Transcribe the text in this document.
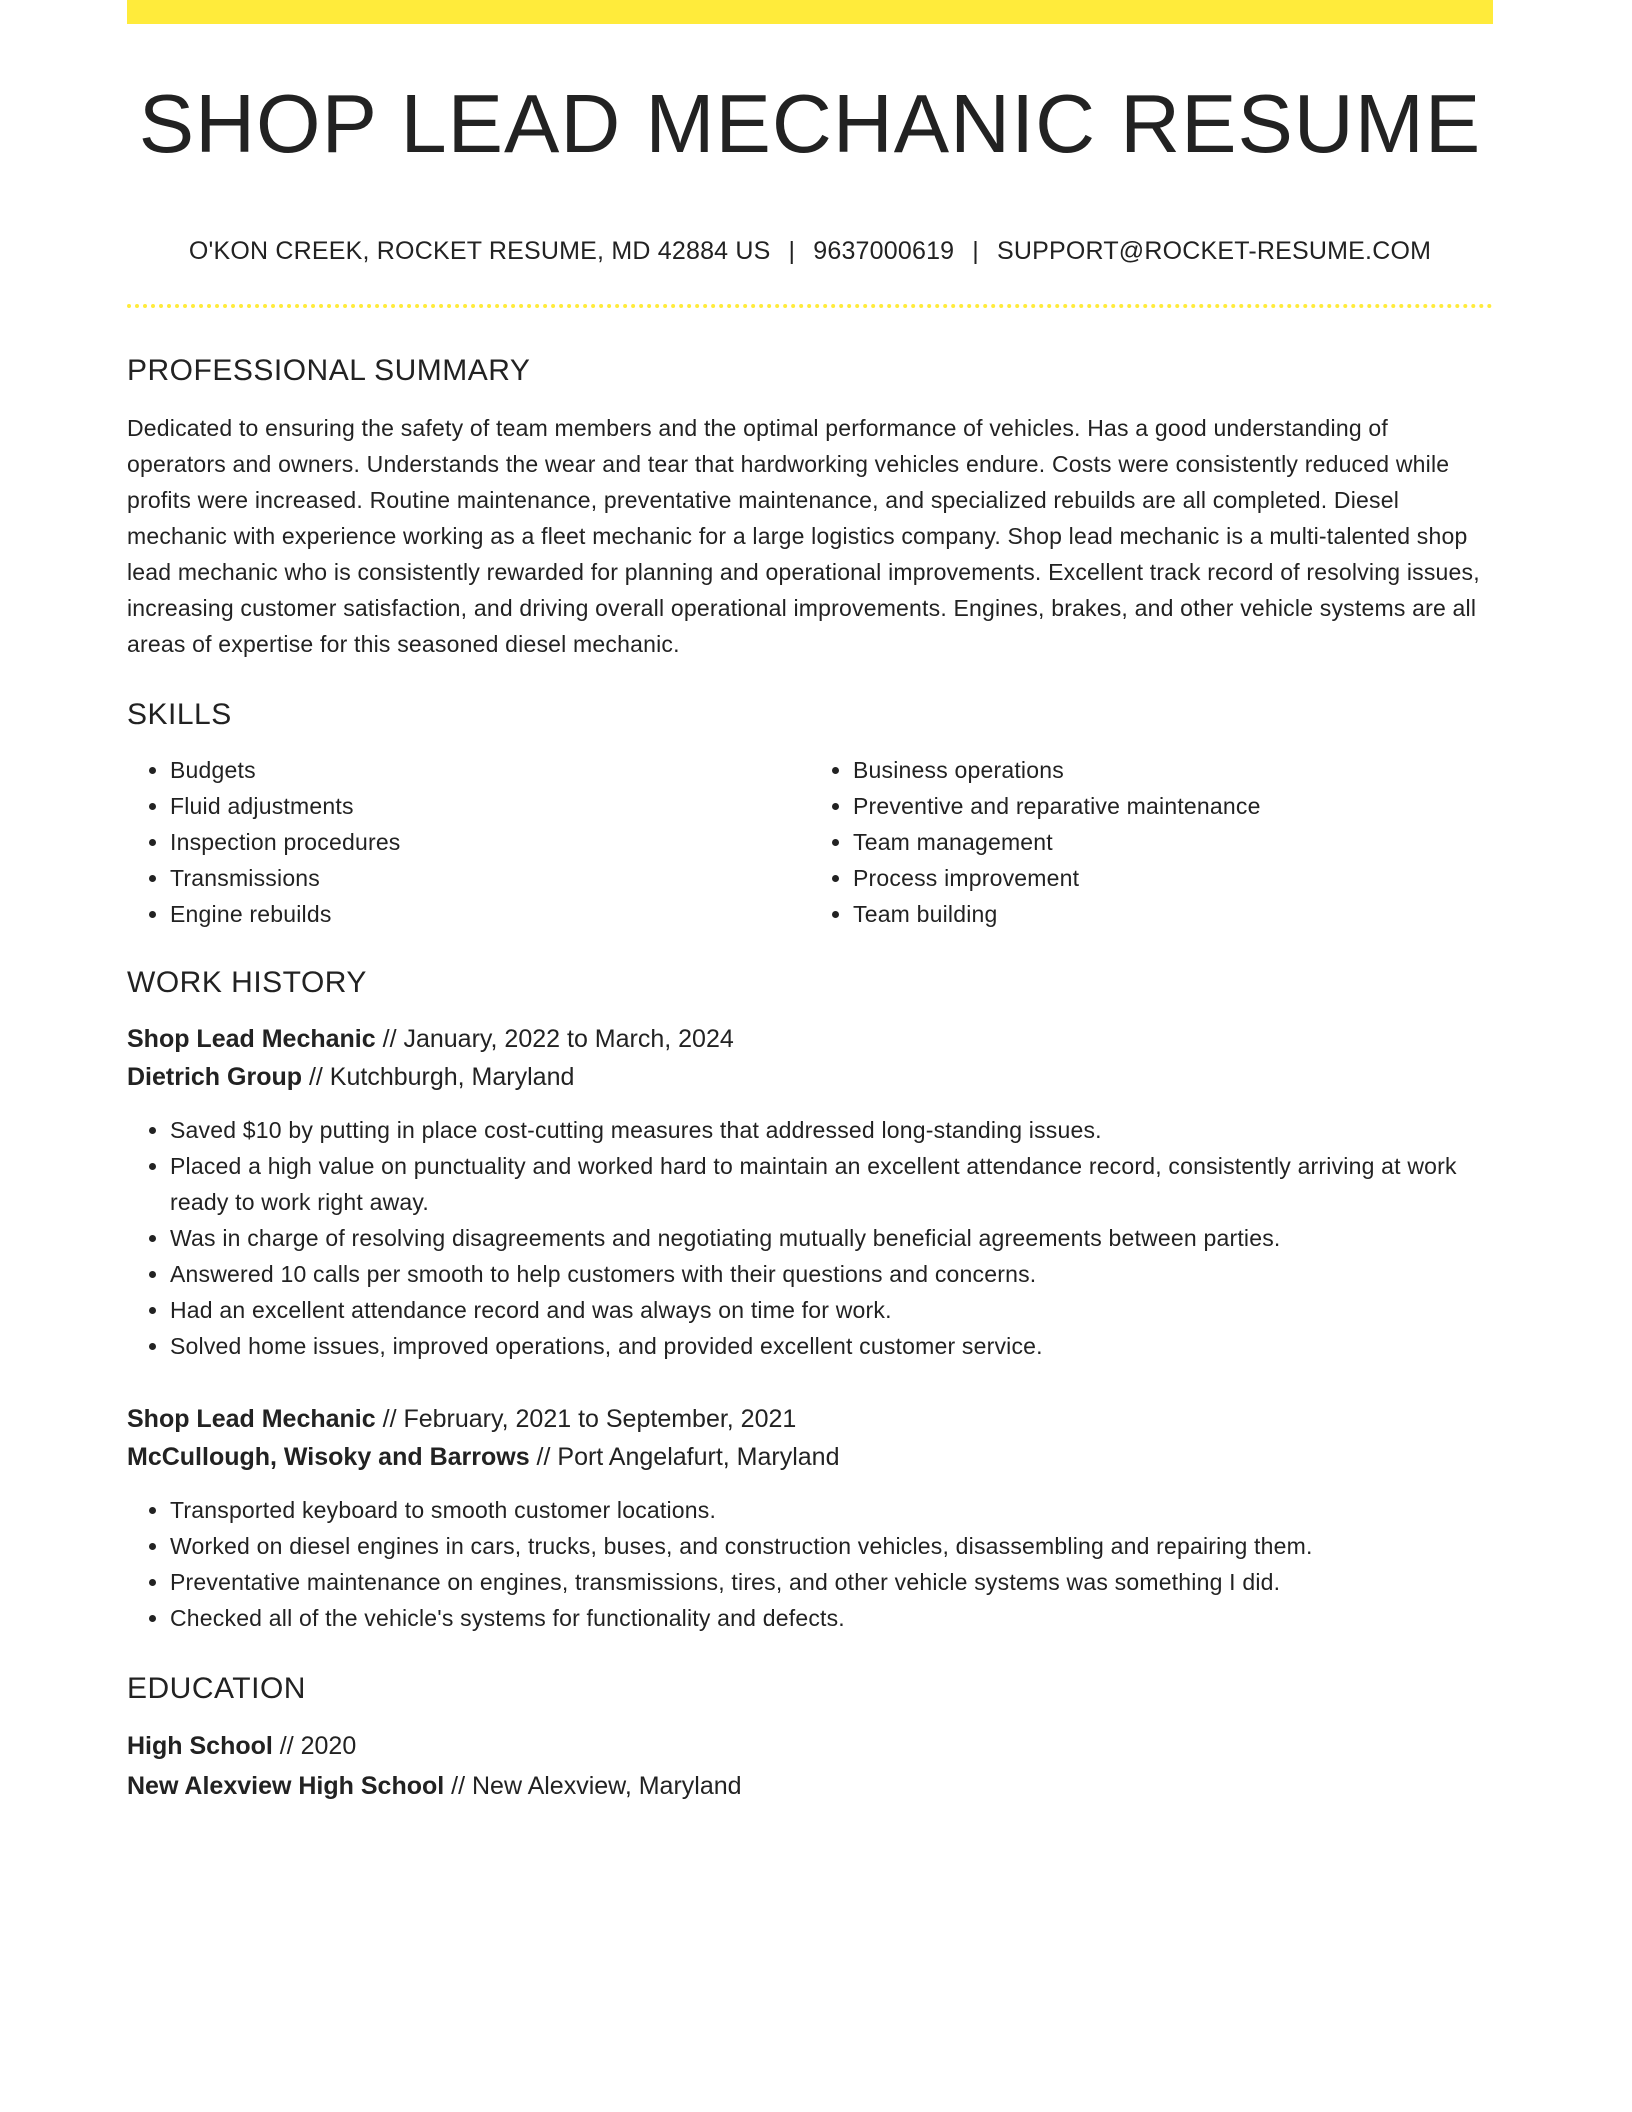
SHOP LEAD MECHANIC RESUME
O'KON CREEK, ROCKET RESUME, MD 42884 US | 9637000619 | SUPPORT@ROCKET-RESUME.COM
PROFESSIONAL SUMMARY

Dedicated to ensuring the safety of team members and the optimal performance of vehicles. Has a good understanding of operators and owners. Understands the wear and tear that hardworking vehicles endure. Costs were consistently reduced while profits were increased. Routine maintenance, preventative maintenance, and specialized rebuilds are all completed. Diesel mechanic with experience working as a fleet mechanic for a large logistics company. Shop lead mechanic is a multi-talented shop lead mechanic who is consistently rewarded for planning and operational improvements. Excellent track record of resolving issues, increasing customer satisfaction, and driving overall operational improvements. Engines, brakes, and other vehicle systems are all areas of expertise for this seasoned diesel mechanic.

SKILLS
• Budgets
• Fluid adjustments
• Inspection procedures
• Transmissions
• Engine rebuilds
• Business operations
• Preventive and reparative maintenance
• Team management
• Process improvement
• Team building
WORK HISTORY
Shop Lead Mechanic // January, 2022 to March, 2024
Dietrich Group // Kutchburgh, Maryland
• Saved $10 by putting in place cost-cutting measures that addressed long-standing issues.
• Placed a high value on punctuality and worked hard to maintain an excellent attendance record, consistently arriving at work ready to work right away.
• Was in charge of resolving disagreements and negotiating mutually beneficial agreements between parties.
• Answered 10 calls per smooth to help customers with their questions and concerns.
• Had an excellent attendance record and was always on time for work.
• Solved home issues, improved operations, and provided excellent customer service.
Shop Lead Mechanic // February, 2021 to September, 2021
McCullough, Wisoky and Barrows // Port Angelafurt, Maryland
• Transported keyboard to smooth customer locations.
• Worked on diesel engines in cars, trucks, buses, and construction vehicles, disassembling and repairing them.
• Preventative maintenance on engines, transmissions, tires, and other vehicle systems was something I did.
• Checked all of the vehicle's systems for functionality and defects.
EDUCATION
High School // 2020
New Alexview High School // New Alexview, Maryland
